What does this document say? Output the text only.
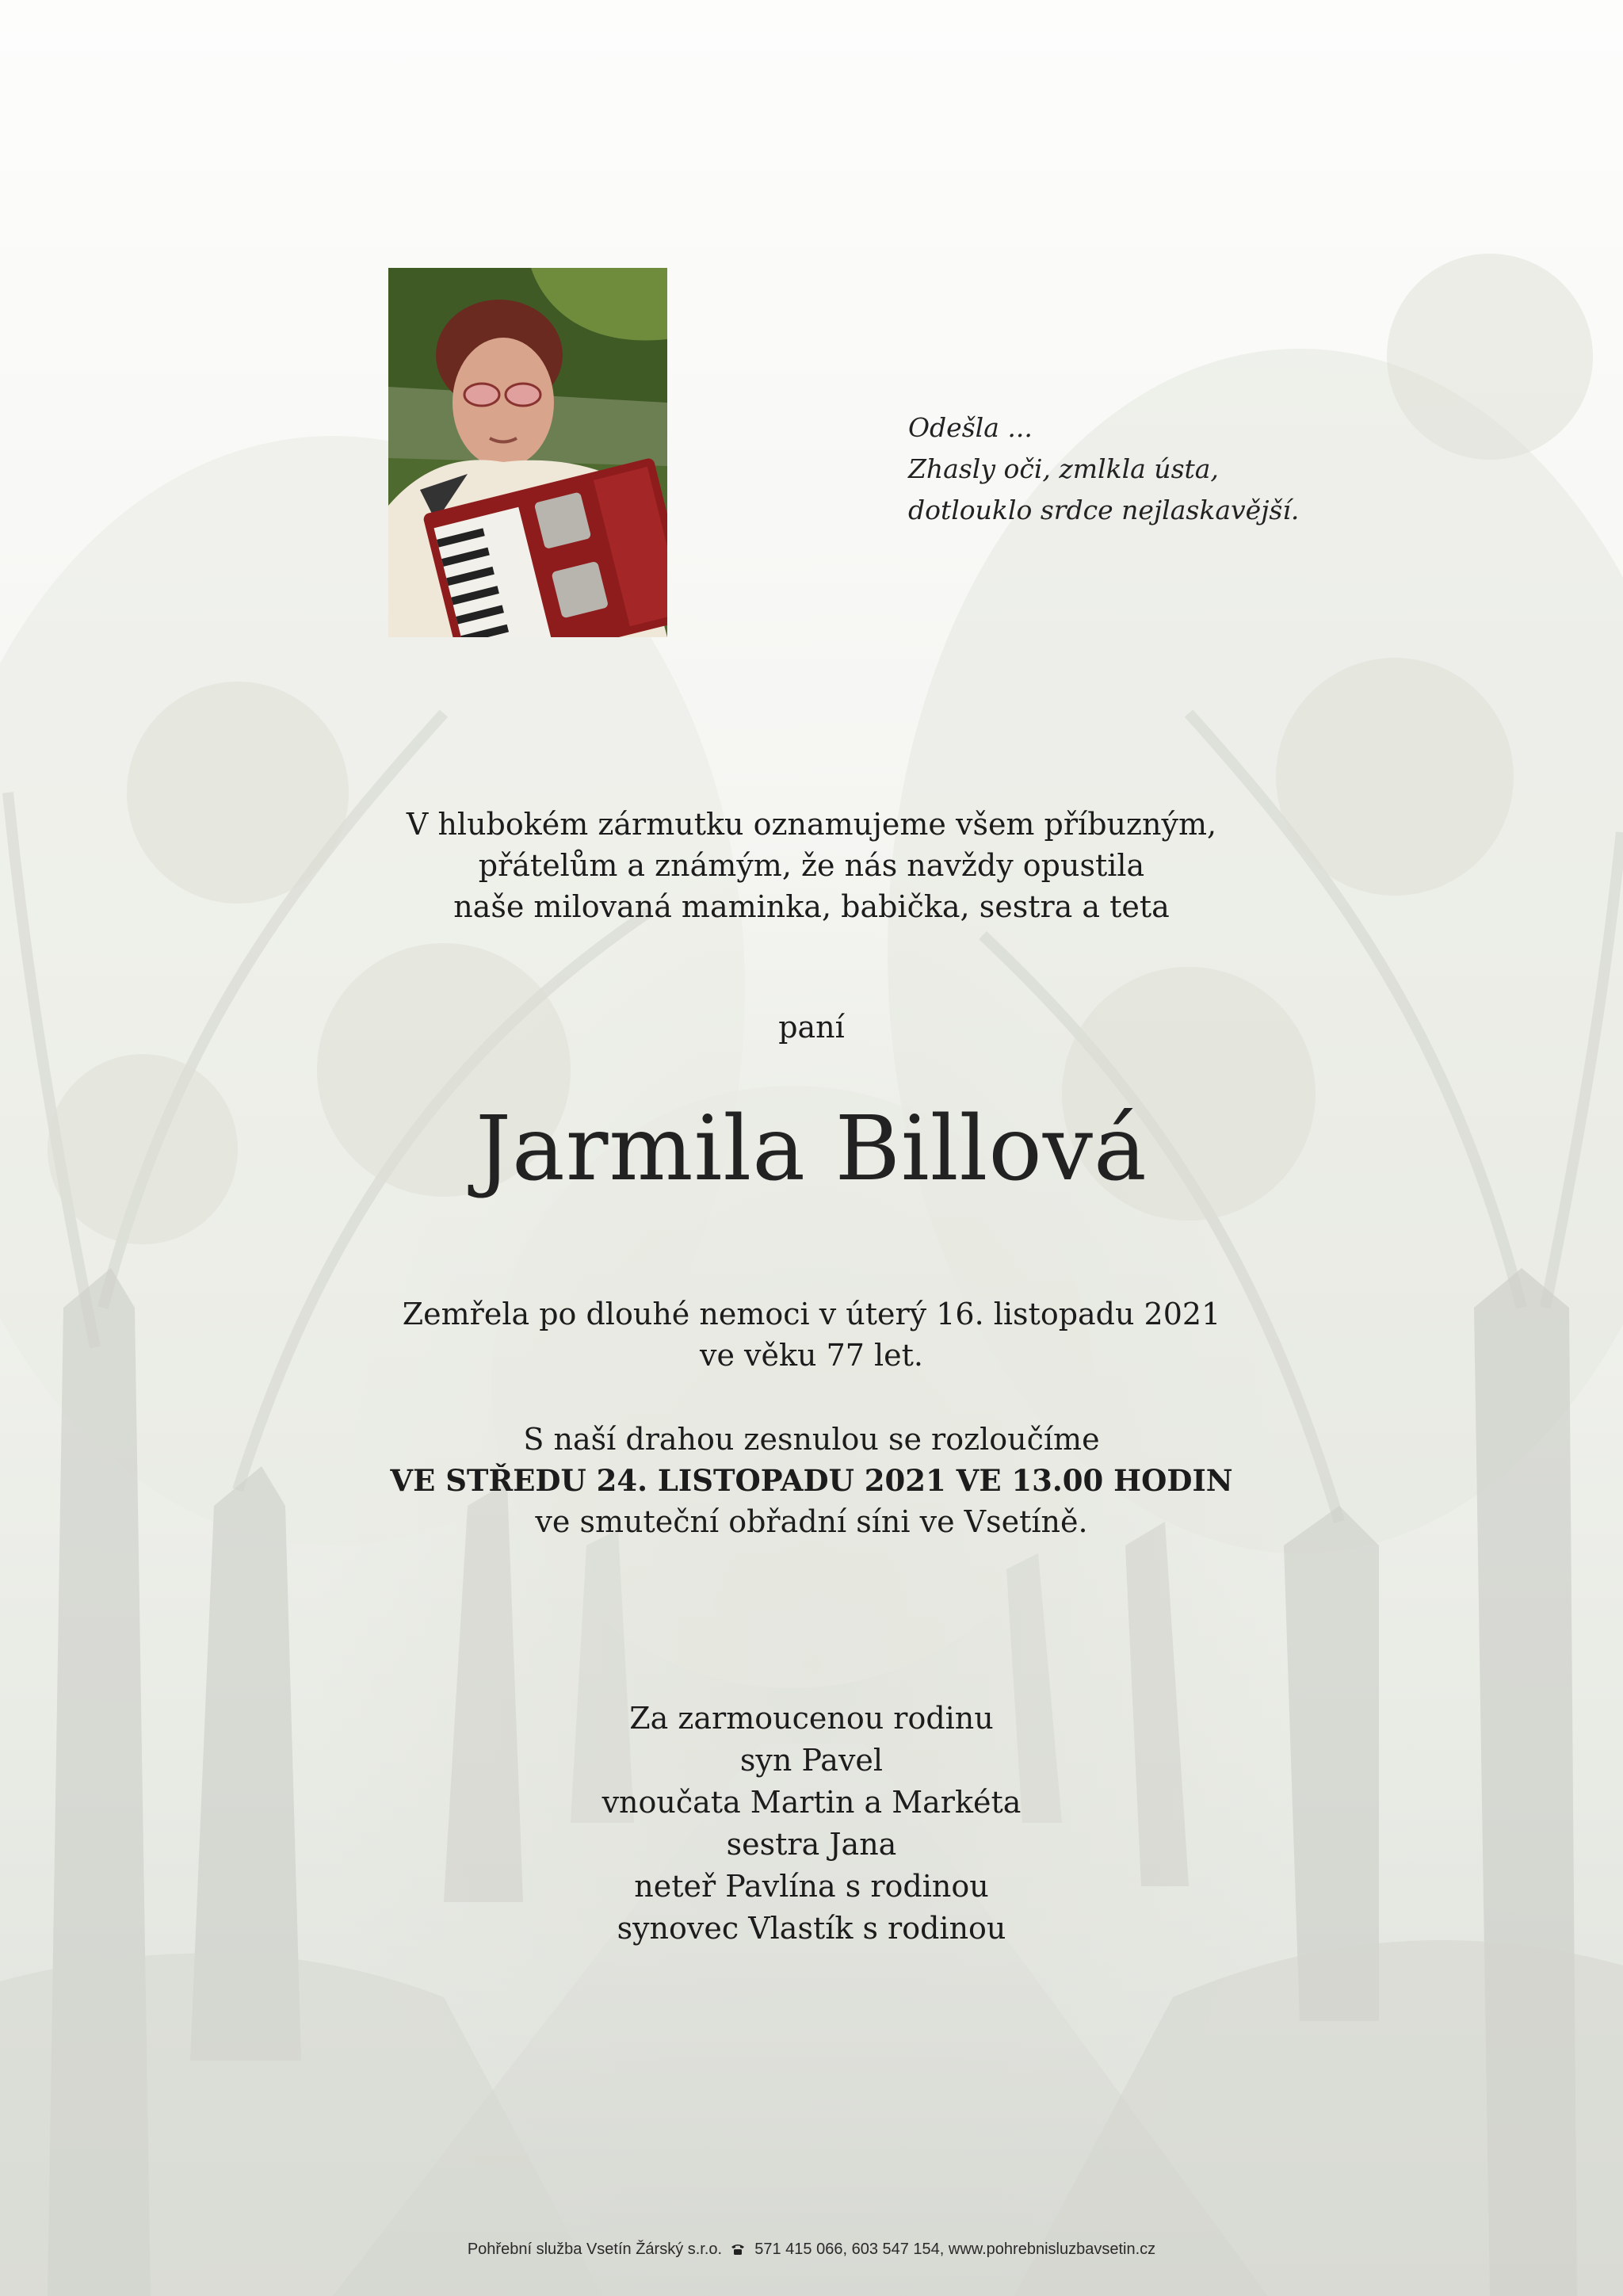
Odešla ...
Zhasly oči, zmlkla ústa,
dotlouklo srdce nejlaskavější.
V hlubokém zármutku oznamujeme všem příbuzným,
přátelům a známým, že nás navždy opustila
naše milovaná maminka, babička, sestra a teta
paní
Jarmila Billová
Zemřela po dlouhé nemoci v úterý 16. listopadu 2021
ve věku 77 let.
S naší drahou zesnulou se rozloučíme
VE STŘEDU 24. LISTOPADU 2021 VE 13.00 HODIN
ve smuteční obřadní síni ve Vsetíně.
Za zarmoucenou rodinu
syn Pavel
vnoučata Martin a Markéta
sestra Jana
neteř Pavlína s rodinou
synovec Vlastík s rodinou
Pohřební služba Vsetín Žárský s.r.o. 571 415 066, 603 547 154, www.pohrebnisluzbavsetin.cz
